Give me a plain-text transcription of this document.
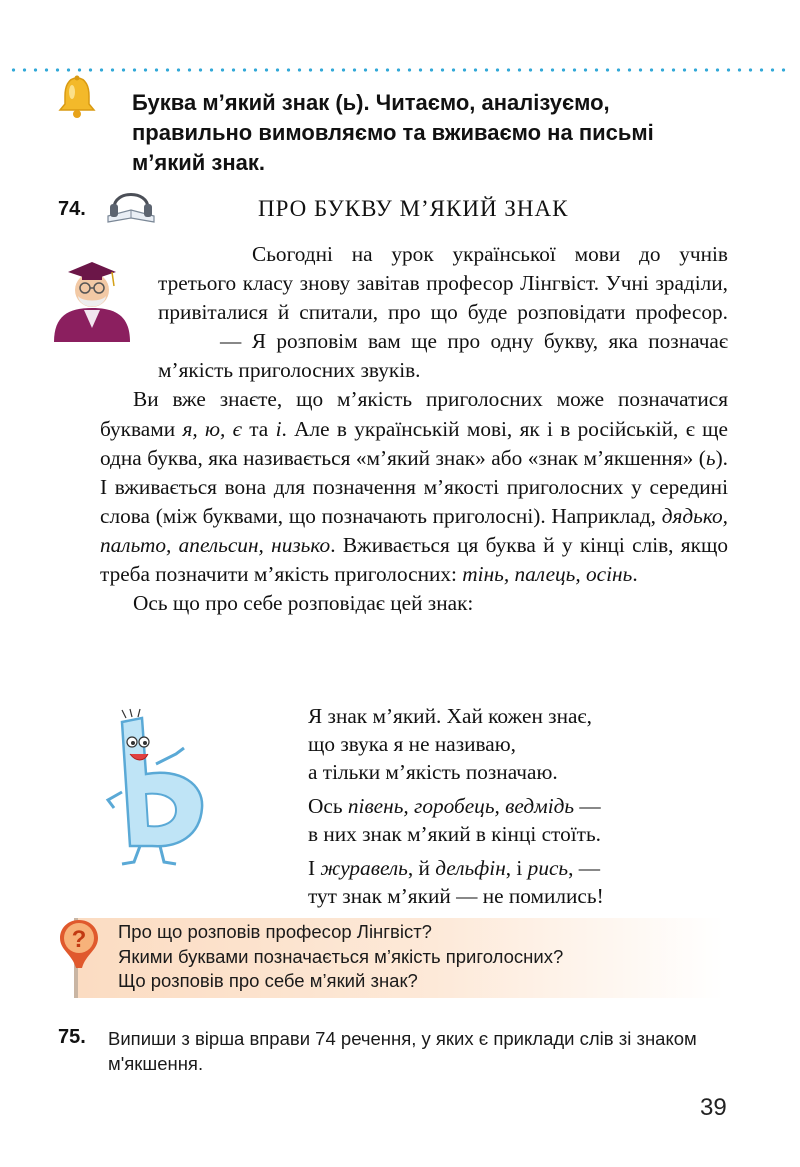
Буква м’який знак (ь). Читаємо, аналізуємо,
правильно вимовляємо та вживаємо на письмі
м’який знак.
74.	ПРО БУКВУ М’ЯКИЙ ЗНАК

Сьогодні на урок української мови до учнів третього класу знову завітав професор Лінгвіст. Учні зраділи, привіталися й спитали, про що буде розповідати професор.

— Я розповім вам ще про одну букву, яка позначає м’якість приголосних звуків.

Ви вже знаєте, що м’якість приголосних може позначатися буквами я, ю, є та і. Але в українській мові, як і в російській, є ще одна буква, яка називається «м’який знак» або «знак м’якшення» (ь). І вживається вона для позначення м’якості приголосних у середині слова (між буквами, що позначають приголосні). Наприклад, дядько, пальто, апельсин, низько. Вживається ця буква й у кінці слів, якщо треба позначити м’якість приголосних: тінь, палець, осінь.

Ось що про себе розповідає цей знак:

Я знак м’який. Хай кожен знає,
що звука я не називаю,
а тільки м’якість позначаю.
Ось півень, горобець, ведмідь —
в них знак м’який в кінці стоїть.
І журавель, й дельфін, і рись, —
тут знак м’який — не помились!
? Про що розповів професор Лінгвіст?
Якими буквами позначається м’якість приголосних?
Що розповів про себе м’який знак?
75. Випиши з вірша вправи 74 речення, у яких є приклади слів зі знаком м'якшення.
39
